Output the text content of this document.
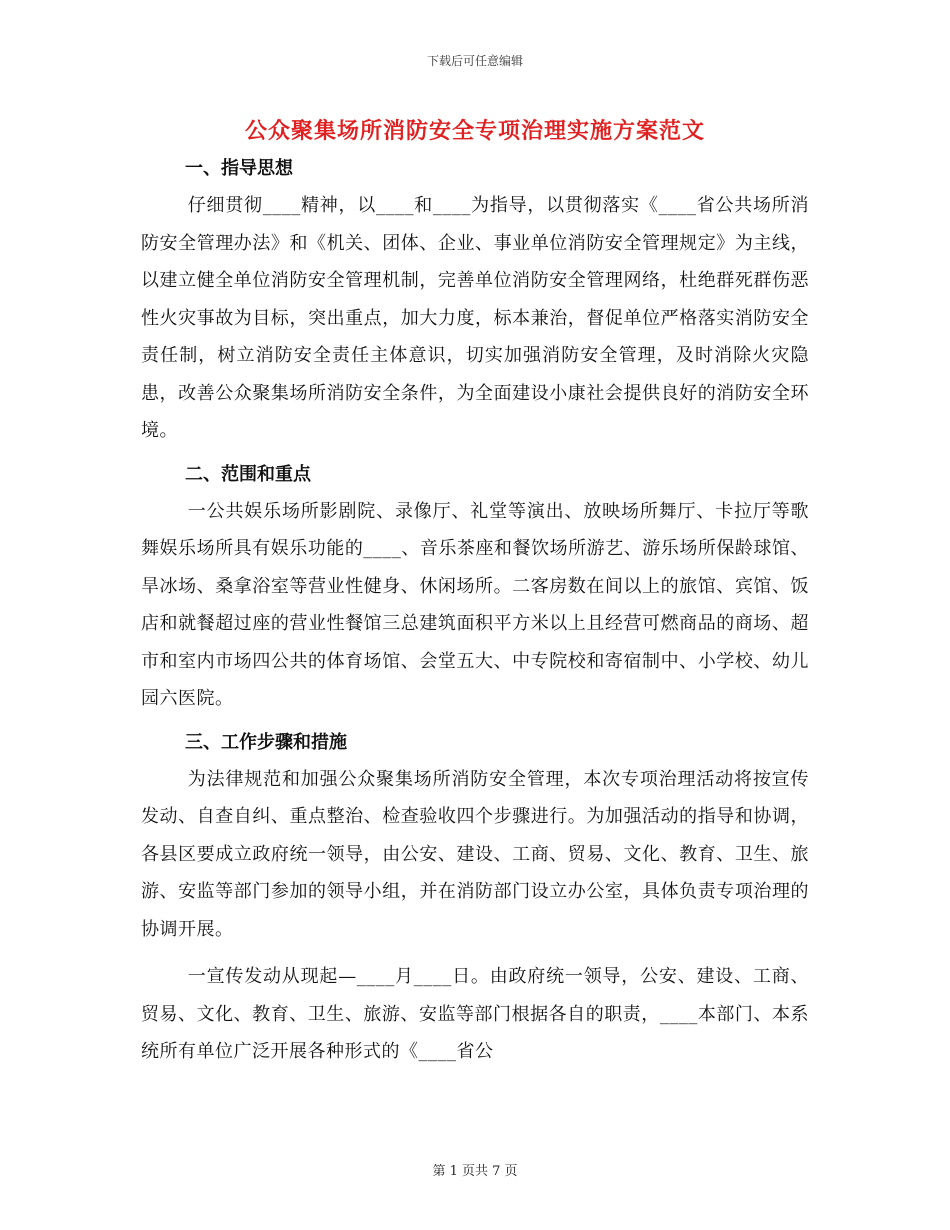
下载后可任意编辑
公众聚集场所消防安全专项治理实施方案范文

一、指导思想

仔细贯彻____精神，以____和____为指导，以贯彻落实《____省公共场所消防安全管理办法》和《机关、团体、企业、事业单位消防安全管理规定》为主线，以建立健全单位消防安全管理机制，完善单位消防安全管理网络，杜绝群死群伤恶性火灾事故为目标，突出重点，加大力度，标本兼治，督促单位严格落实消防安全责任制，树立消防安全责任主体意识，切实加强消防安全管理，及时消除火灾隐患，改善公众聚集场所消防安全条件，为全面建设小康社会提供良好的消防安全环境。

二、范围和重点

一公共娱乐场所影剧院、录像厅、礼堂等演出、放映场所舞厅、卡拉厅等歌舞娱乐场所具有娱乐功能的____、音乐茶座和餐饮场所游艺、游乐场所保龄球馆、旱冰场、桑拿浴室等营业性健身、休闲场所。二客房数在间以上的旅馆、宾馆、饭店和就餐超过座的营业性餐馆三总建筑面积平方米以上且经营可燃商品的商场、超市和室内市场四公共的体育场馆、会堂五大、中专院校和寄宿制中、小学校、幼儿园六医院。

三、工作步骤和措施

为法律规范和加强公众聚集场所消防安全管理，本次专项治理活动将按宣传发动、自查自纠、重点整治、检查验收四个步骤进行。为加强活动的指导和协调，各县区要成立政府统一领导，由公安、建设、工商、贸易、文化、教育、卫生、旅游、安监等部门参加的领导小组，并在消防部门设立办公室，具体负责专项治理的协调开展。

一宣传发动从现起—____月____日。由政府统一领导，公安、建设、工商、贸易、文化、教育、卫生、旅游、安监等部门根据各自的职责，____本部门、本系统所有单位广泛开展各种形式的《____省公

第 1 页共 7 页
